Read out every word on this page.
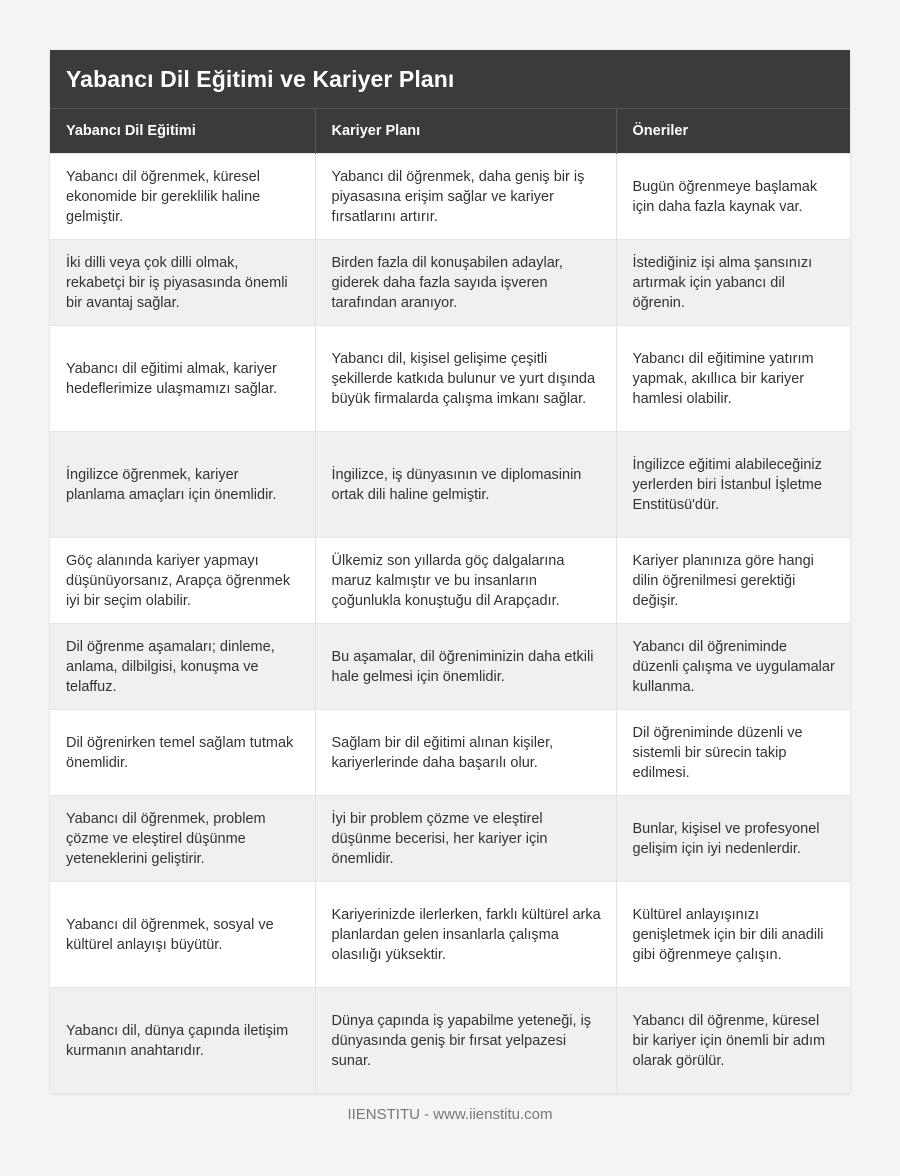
Yabancı Dil Eğitimi ve Kariyer Planı
Yabancı Dil Eğitimi	Kariyer Planı	Öneriler
Yabancı dil öğrenmek, küresel ekonomide bir gereklilik haline gelmiştir.	Yabancı dil öğrenmek, daha geniş bir iş piyasasına erişim sağlar ve kariyer fırsatlarını artırır.	Bugün öğrenmeye başlamak için daha fazla kaynak var.
İki dilli veya çok dilli olmak, rekabetçi bir iş piyasasında önemli bir avantaj sağlar.	Birden fazla dil konuşabilen adaylar, giderek daha fazla sayıda işveren tarafından aranıyor.	İstediğiniz işi alma şansınızı artırmak için yabancı dil öğrenin.
Yabancı dil eğitimi almak, kariyer hedeflerimize ulaşmamızı sağlar.	Yabancı dil, kişisel gelişime çeşitli şekillerde katkıda bulunur ve yurt dışında büyük firmalarda çalışma imkanı sağlar.	Yabancı dil eğitimine yatırım yapmak, akıllıca bir kariyer hamlesi olabilir.
İngilizce öğrenmek, kariyer planlama amaçları için önemlidir.	İngilizce, iş dünyasının ve diplomasinin ortak dili haline gelmiştir.	İngilizce eğitimi alabileceğiniz yerlerden biri İstanbul İşletme Enstitüsü'dür.
Göç alanında kariyer yapmayı düşünüyorsanız, Arapça öğrenmek iyi bir seçim olabilir.	Ülkemiz son yıllarda göç dalgalarına maruz kalmıştır ve bu insanların çoğunlukla konuştuğu dil Arapçadır.	Kariyer planınıza göre hangi dilin öğrenilmesi gerektiği değişir.
Dil öğrenme aşamaları; dinleme, anlama, dilbilgisi, konuşma ve telaffuz.	Bu aşamalar, dil öğreniminizin daha etkili hale gelmesi için önemlidir.	Yabancı dil öğreniminde düzenli çalışma ve uygulamalar kullanma.
Dil öğrenirken temel sağlam tutmak önemlidir.	Sağlam bir dil eğitimi alınan kişiler, kariyerlerinde daha başarılı olur.	Dil öğreniminde düzenli ve sistemli bir sürecin takip edilmesi.
Yabancı dil öğrenmek, problem çözme ve eleştirel düşünme yeteneklerini geliştirir.	İyi bir problem çözme ve eleştirel düşünme becerisi, her kariyer için önemlidir.	Bunlar, kişisel ve profesyonel gelişim için iyi nedenlerdir.
Yabancı dil öğrenmek, sosyal ve kültürel anlayışı büyütür.	Kariyerinizde ilerlerken, farklı kültürel arka planlardan gelen insanlarla çalışma olasılığı yüksektir.	Kültürel anlayışınızı genişletmek için bir dili anadili gibi öğrenmeye çalışın.
Yabancı dil, dünya çapında iletişim kurmanın anahtarıdır.	Dünya çapında iş yapabilme yeteneği, iş dünyasında geniş bir fırsat yelpazesi sunar.	Yabancı dil öğrenme, küresel bir kariyer için önemli bir adım olarak görülür.
IIENSTITU - www.iienstitu.com
